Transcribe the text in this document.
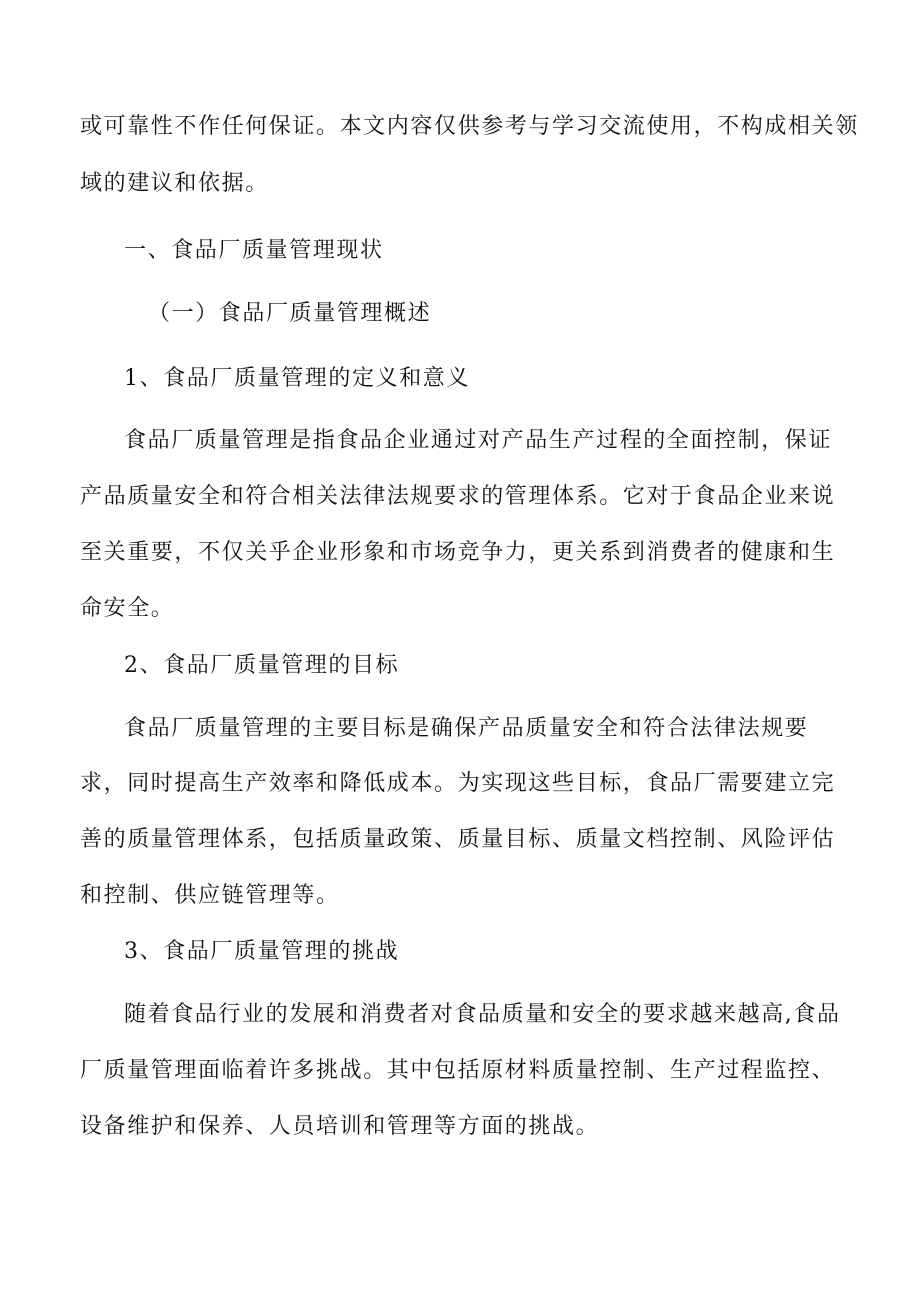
或可靠性不作任何保证。本文内容仅供参考与学习交流使用，不构成相关领

域的建议和依据。

一、食品厂质量管理现状

（一）食品厂质量管理概述

1、食品厂质量管理的定义和意义

食品厂质量管理是指食品企业通过对产品生产过程的全面控制，保证

产品质量安全和符合相关法律法规要求的管理体系。它对于食品企业来说

至关重要，不仅关乎企业形象和市场竞争力，更关系到消费者的健康和生

命安全。

2、食品厂质量管理的目标

食品厂质量管理的主要目标是确保产品质量安全和符合法律法规要

求，同时提高生产效率和降低成本。为实现这些目标，食品厂需要建立完

善的质量管理体系，包括质量政策、质量目标、质量文档控制、风险评估

和控制、供应链管理等。

3、食品厂质量管理的挑战

随着食品行业的发展和消费者对食品质量和安全的要求越来越高,食品

厂质量管理面临着许多挑战。其中包括原材料质量控制、生产过程监控、

设备维护和保养、人员培训和管理等方面的挑战。
